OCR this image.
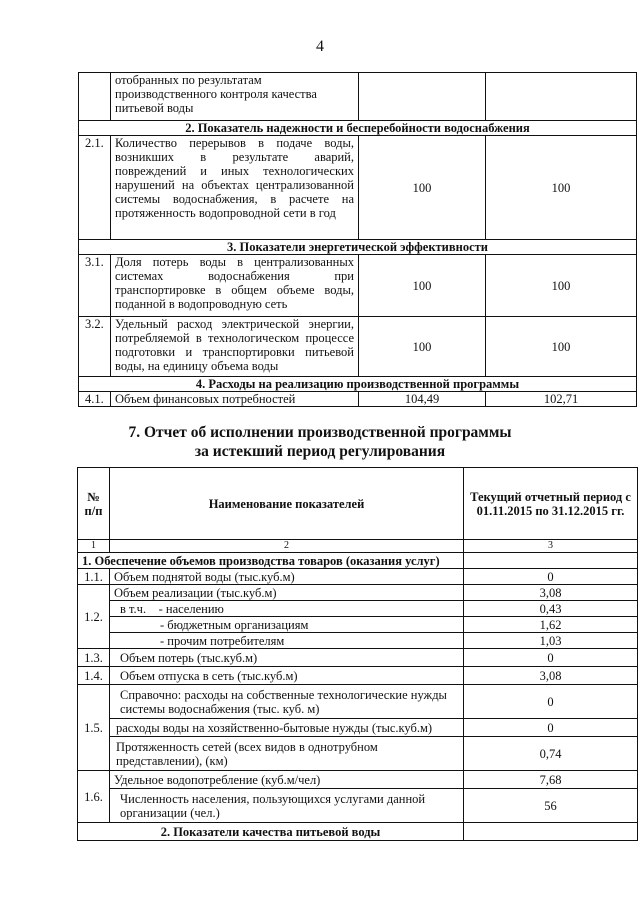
4
	отобранных по результатам производственного контроля качества питьевой воды		
2. Показатель надежности и бесперебойности водоснабжения			
2.1.	Количество перерывов в подаче воды, возникших в результате аварий, повреждений и иных технологических нарушений на объектах централизованной системы водоснабжения, в расчете на протяженность водопроводной сети в год	100	100
3. Показатели энергетической эффективности			
3.1.	Доля потерь воды в централизованных системах водоснабжения при транспортировке в общем объеме воды, поданной в водопроводную сеть	100	100
3.2.	Удельный расход электрической энергии, потребляемой в технологическом процессе подготовки и транспортировки питьевой воды, на единицу объема воды	100	100
4. Расходы на реализацию производственной программы			
4.1.	Объем финансовых потребностей	104,49	102,71
7. Отчет об исполнении производственной программы
за истекший период регулирования
№ п/п	Наименование показателей	Текущий отчетный период с 01.11.2015 по 31.12.2015 гг.
1	2	3
1. Обеспечение объемов производства товаров (оказания услуг)		
1.1.	Объем поднятой воды (тыс.куб.м)	0
1.2.	Объем реализации (тыс.куб.м)	3,08
	в т.ч.    - населению	0,43
	- бюджетным организациям	1,62
	- прочим потребителям	1,03
1.3.	Объем потерь (тыс.куб.м)	0
1.4.	Объем отпуска в сеть (тыс.куб.м)	3,08
1.5.	Справочно: расходы на собственные технологические нужды системы водоснабжения (тыс. куб. м)	0
	расходы воды на хозяйственно-бытовые нужды (тыс.куб.м)	0
	Протяженность сетей (всех видов в однотрубном представлении), (км)	0,74
1.6.	Удельное водопотребление (куб.м/чел)	7,68
	Численность населения, пользующихся услугами данной организации (чел.)	56
2. Показатели качества питьевой воды		
